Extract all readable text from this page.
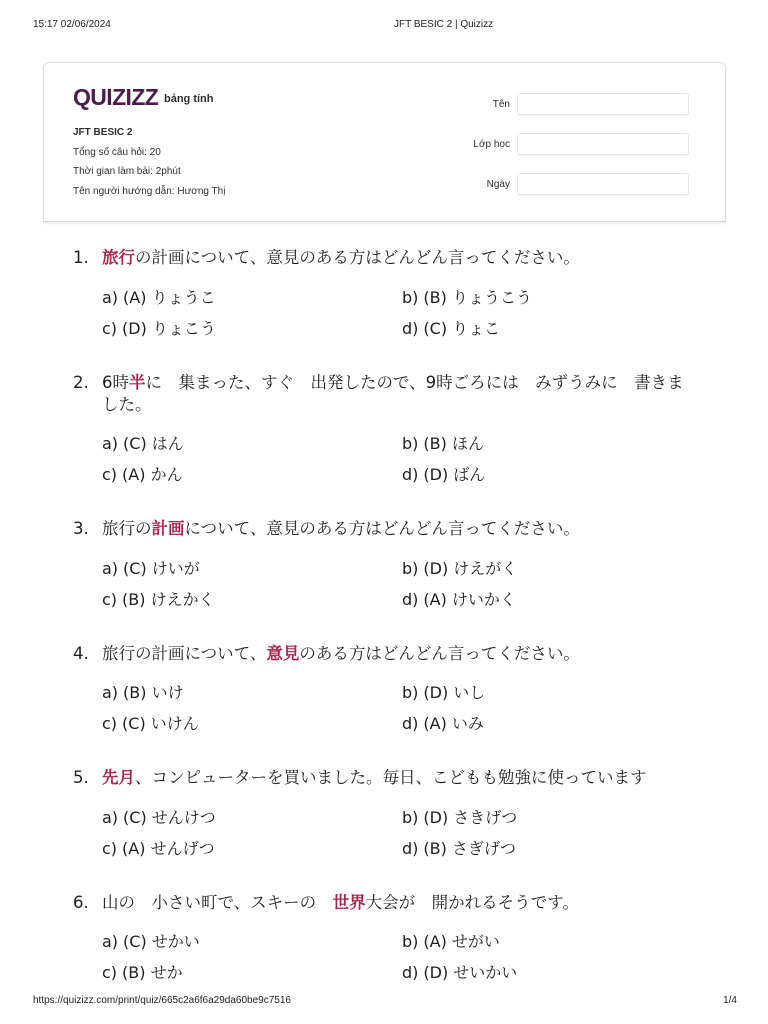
15:17 02/06/2024	JFT BESIC 2 | Quizizz
QUIZIZZ bảng tính
JFT BESIC 2
Tổng số câu hỏi: 20
Thời gian làm bài: 2phút
Tên người hướng dẫn: Hương Thị
Tên
Lớp học
Ngày
1. 旅行の計画について、意見のある方はどんどん言ってください。
a) (A) りょうこ	b) (B) りょうこう
c) (D) りょこう	d) (C) りょこ
2. 6時半に　集まった、すぐ　出発したので、9時ごろには　みずうみに　書きました。
a) (C) はん	b) (B) ほん
c) (A) かん	d) (D) ばん
3. 旅行の計画について、意見のある方はどんどん言ってください。
a) (C) けいが	b) (D) けえがく
c) (B) けえかく	d) (A) けいかく
4. 旅行の計画について、意見のある方はどんどん言ってください。
a) (B) いけ	b) (D) いし
c) (C) いけん	d) (A) いみ
5. 先月、コンピューターを買いました。毎日、こどもも勉強に使っています
a) (C) せんけつ	b) (D) さきげつ
c) (A) せんげつ	d) (B) さぎげつ
6. 山の　小さい町で、スキーの　世界大会が　開かれるそうです。
a) (C) せかい	b) (A) せがい
c) (B) せか	d) (D) せいかい
https://quizizz.com/print/quiz/665c2a6f6a29da60be9c7516	1/4
